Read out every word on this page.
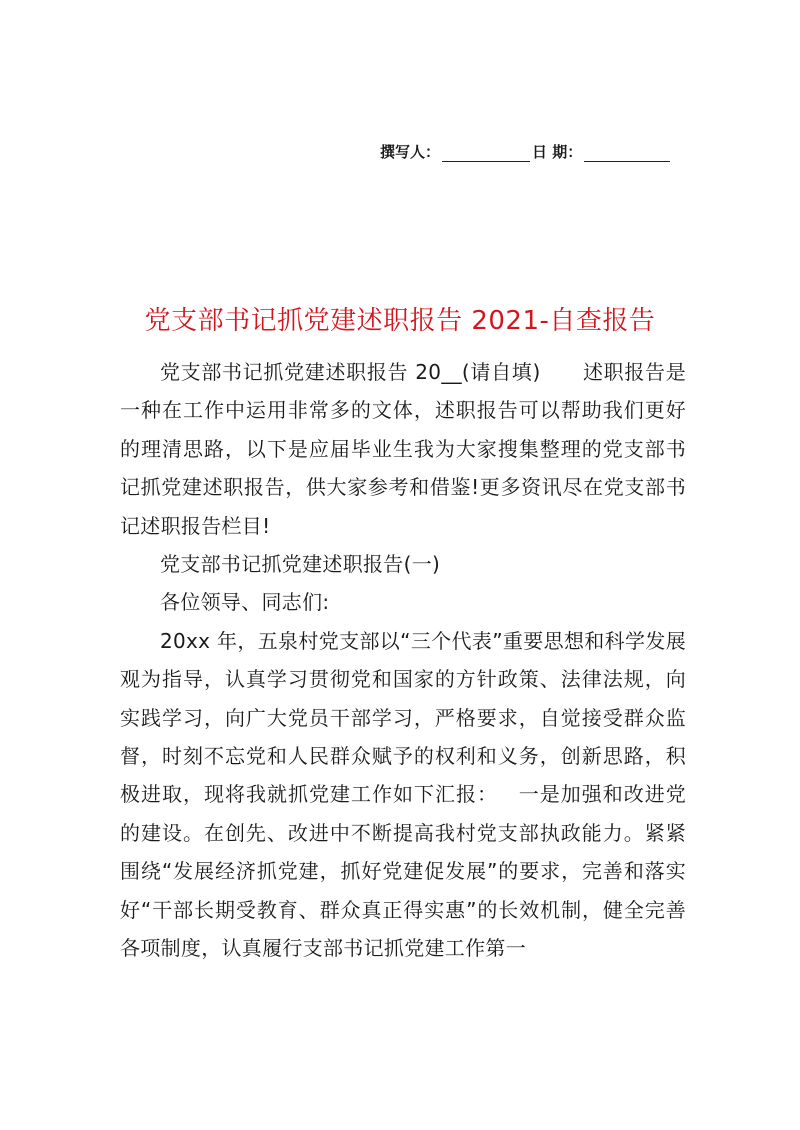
撰写人：	日 期：
党支部书记抓党建述职报告 2021-自查报告

党支部书记抓党建述职报告 20__(请自填) 述职报告是一种在工作中运用非常多的文体，述职报告可以帮助我们更好的理清思路，以下是应届毕业生我为大家搜集整理的党支部书记抓党建述职报告，供大家参考和借鉴!更多资讯尽在党支部书记述职报告栏目!

党支部书记抓党建述职报告(一)

各位领导、同志们:

20xx 年，五泉村党支部以“三个代表”重要思想和科学发展观为指导，认真学习贯彻党和国家的方针政策、法律法规，向实践学习，向广大党员干部学习，严格要求，自觉接受群众监督，时刻不忘党和人民群众赋予的权利和义务，创新思路，积极进取，现将我就抓党建工作如下汇报： 一是加强和改进党的建设。在创先、改进中不断提高我村党支部执政能力。紧紧围绕“发展经济抓党建，抓好党建促发展”的要求，完善和落实好“干部长期受教育、群众真正得实惠”的长效机制，健全完善各项制度，认真履行支部书记抓党建工作第一
